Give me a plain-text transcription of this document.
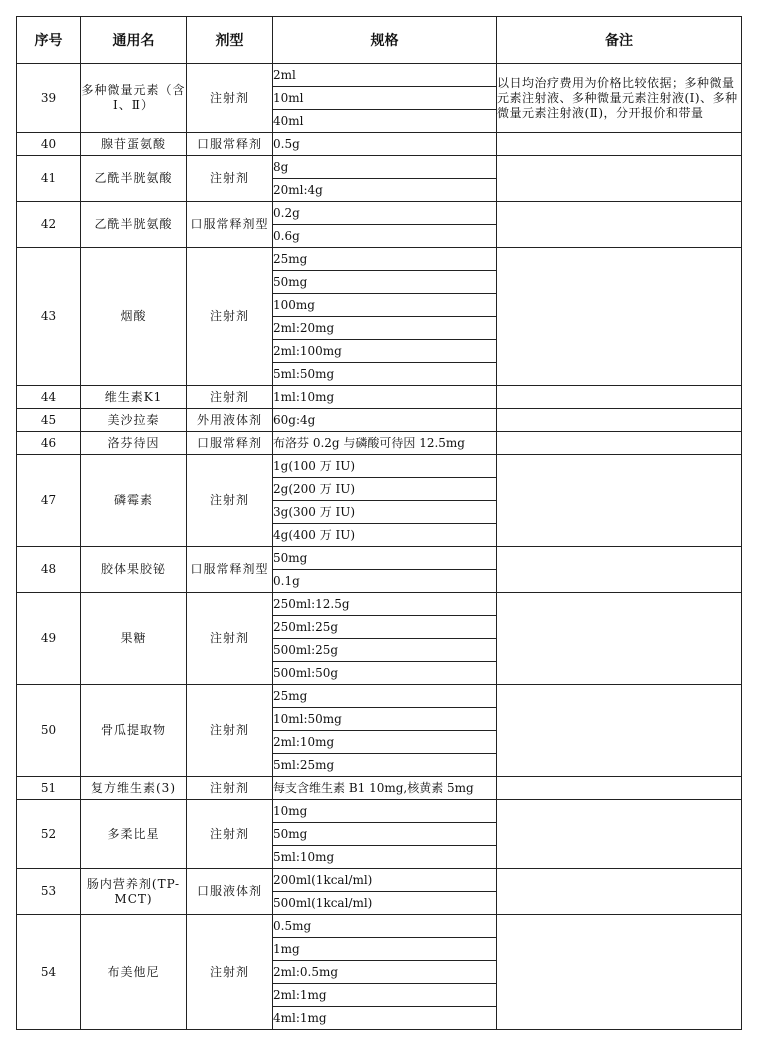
序号	通用名	剂型	规格	备注
39	多种微量元素（含Ⅰ、Ⅱ）	注射剂	2ml	以日均治疗费用为价格比较依据；多种微量元素注射液、多种微量元素注射液(Ⅰ)、多种微量元素注射液(Ⅱ)，分开报价和带量
			10ml	
			40ml	
40	腺苷蛋氨酸	口服常释剂	0.5g	
41	乙酰半胱氨酸	注射剂	8g	
			20ml:4g	
42	乙酰半胱氨酸	口服常释剂型	0.2g	
			0.6g	
43	烟酸	注射剂	25mg	
			50mg	
			100mg	
			2ml:20mg	
			2ml:100mg	
			5ml:50mg	
44	维生素K1	注射剂	1ml:10mg	
45	美沙拉秦	外用液体剂	60g:4g	
46	洛芬待因	口服常释剂	布洛芬 0.2g 与磷酸可待因 12.5mg	
47	磷霉素	注射剂	1g(100 万 IU)	
			2g(200 万 IU)	
			3g(300 万 IU)	
			4g(400 万 IU)	
48	胶体果胶铋	口服常释剂型	50mg	
			0.1g	
49	果糖	注射剂	250ml:12.5g	
			250ml:25g	
			500ml:25g	
			500ml:50g	
50	骨瓜提取物	注射剂	25mg	
			10ml:50mg	
			2ml:10mg	
			5ml:25mg	
51	复方维生素(3)	注射剂	每支含维生素 B1 10mg,核黄素 5mg	
52	多柔比星	注射剂	10mg	
			50mg	
			5ml:10mg	
53	肠内营养剂(TP-MCT)	口服液体剂	200ml(1kcal/ml)	
			500ml(1kcal/ml)	
54	布美他尼	注射剂	0.5mg	
			1mg	
			2ml:0.5mg	
			2ml:1mg	
			4ml:1mg	
